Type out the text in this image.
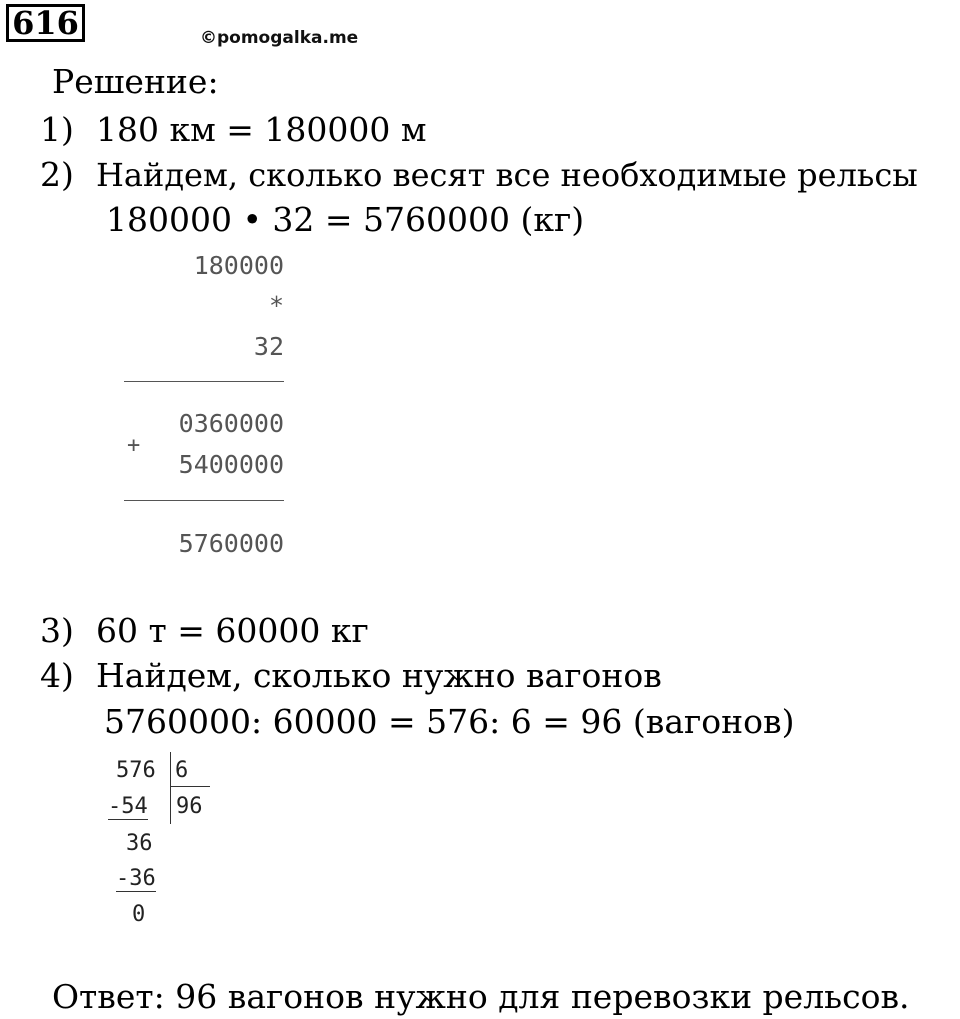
616	©pomogalka.me
Решение:
1) 180 км = 180000 м
2) Найдем, сколько весят все необходимые рельсы
180000 • 32 = 5760000 (кг)
180000
*
32
0360000
+
5400000
5760000
3) 60 т = 60000 кг
4) Найдем, сколько нужно вагонов
5760000: 60000 = 576: 6 = 96 (вагонов)
576 6
-54 96
36
-36
0
Ответ: 96 вагонов нужно для перевозки рельсов.
